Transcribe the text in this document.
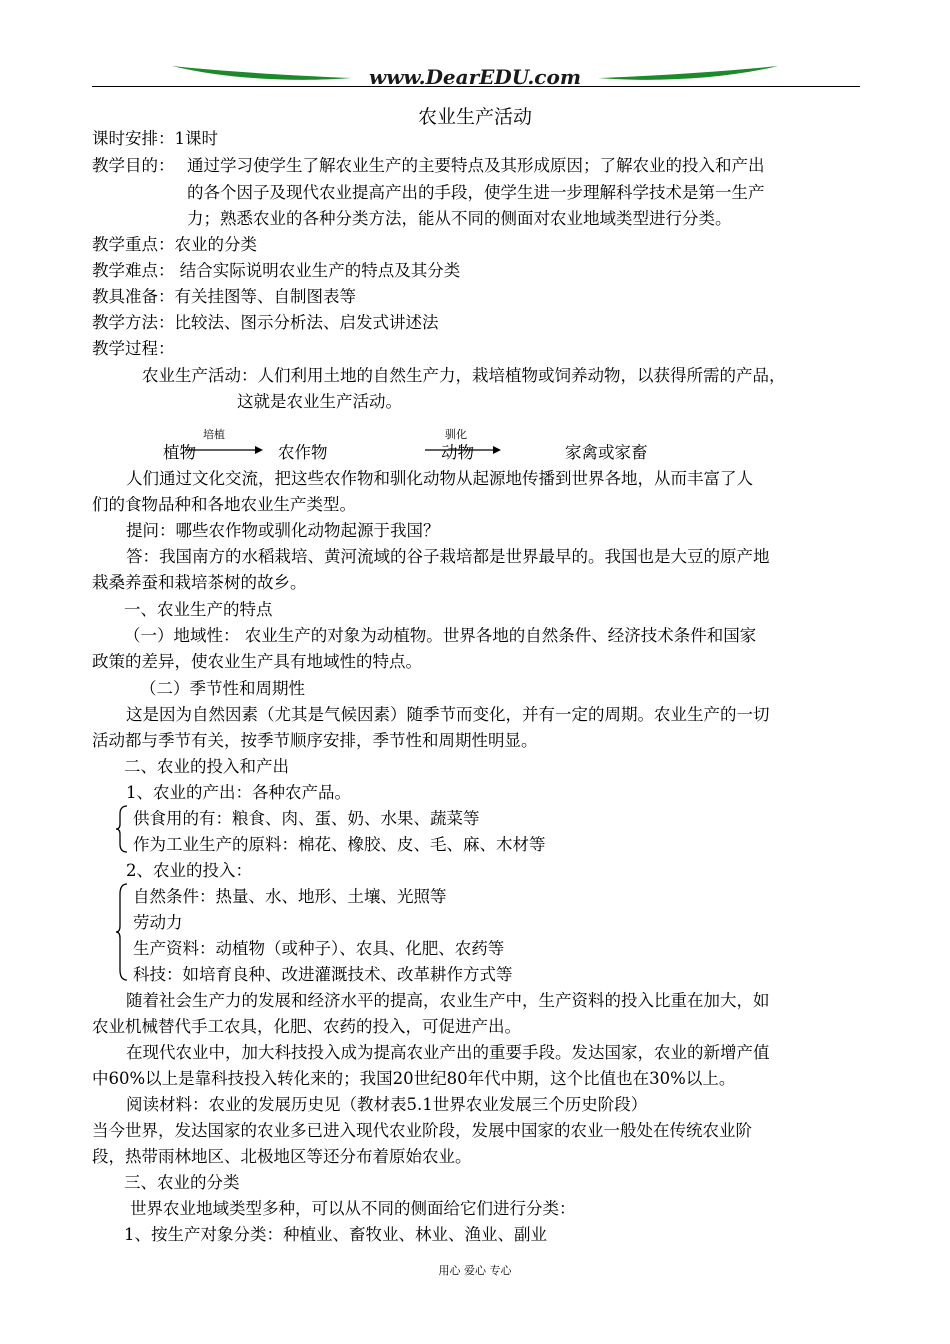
www.DearEDU.com
农业生产活动
课时安排：1课时
教学目的： 通过学习使学生了解农业生产的主要特点及其形成原因；了解农业的投入和产出
的各个因子及现代农业提高产出的手段，使学生进一步理解科学技术是第一生产
力；熟悉农业的各种分类方法，能从不同的侧面对农业地域类型进行分类。
教学重点：农业的分类
教学难点： 结合实际说明农业生产的特点及其分类
教具准备：有关挂图等、自制图表等
教学方法：比较法、图示分析法、启发式讲述法
教学过程：
农业生产活动：人们利用土地的自然生产力，栽培植物或饲养动物，以获得所需的产品，
这就是农业生产活动。
培植	驯化
植物	农作物	动物	家禽或家畜
人们通过文化交流，把这些农作物和驯化动物从起源地传播到世界各地，从而丰富了人
们的食物品种和各地农业生产类型。
提问：哪些农作物或驯化动物起源于我国？
答：我国南方的水稻栽培、黄河流域的谷子栽培都是世界最早的。我国也是大豆的原产地
栽桑养蚕和栽培茶树的故乡。
一、农业生产的特点
（一）地域性： 农业生产的对象为动植物。世界各地的自然条件、经济技术条件和国家
政策的差异，使农业生产具有地域性的特点。
（二）季节性和周期性
这是因为自然因素（尤其是气候因素）随季节而变化，并有一定的周期。农业生产的一切
活动都与季节有关，按季节顺序安排，季节性和周期性明显。
二、农业的投入和产出
1、农业的产出：各种农产品。
供食用的有：粮食、肉、蛋、奶、水果、蔬菜等
作为工业生产的原料：棉花、橡胶、皮、毛、麻、木材等
2、农业的投入：
自然条件：热量、水、地形、土壤、光照等
劳动力
生产资料：动植物（或种子）、农具、化肥、农药等
科技：如培育良种、改进灌溉技术、改革耕作方式等
随着社会生产力的发展和经济水平的提高，农业生产中，生产资料的投入比重在加大，如
农业机械替代手工农具，化肥、农药的投入，可促进产出。
在现代农业中，加大科技投入成为提高农业产出的重要手段。发达国家，农业的新增产值
中60%以上是靠科技投入转化来的；我国20世纪80年代中期，这个比值也在30%以上。
阅读材料：农业的发展历史见（教材表5.1世界农业发展三个历史阶段）
当今世界，发达国家的农业多已进入现代农业阶段，发展中国家的农业一般处在传统农业阶
段，热带雨林地区、北极地区等还分布着原始农业。
三、农业的分类
世界农业地域类型多种，可以从不同的侧面给它们进行分类：
1、按生产对象分类：种植业、畜牧业、林业、渔业、副业
用心 爱心 专心
